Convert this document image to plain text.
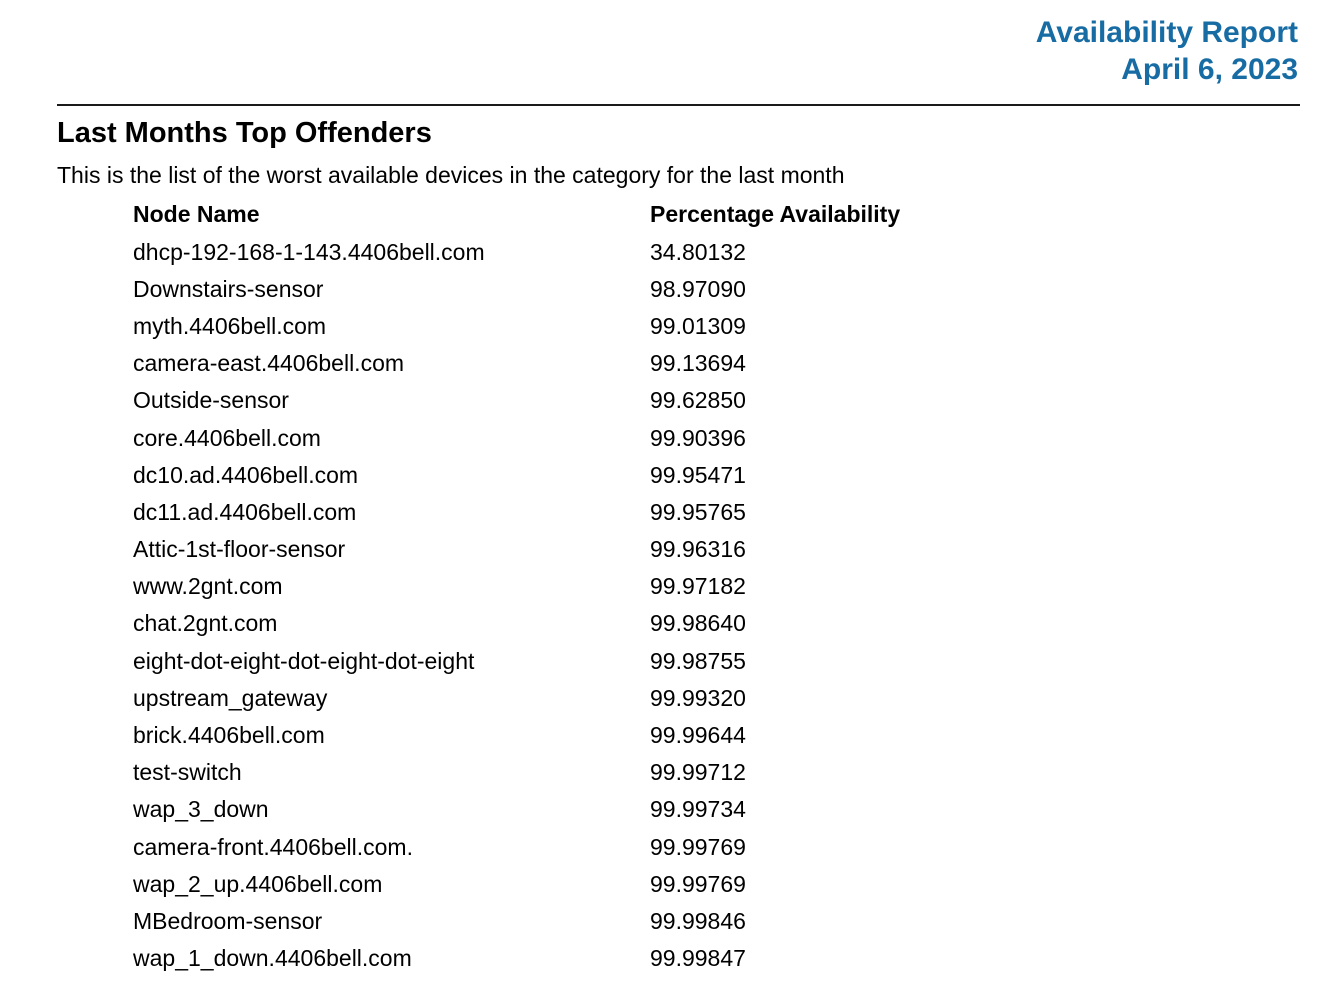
Availability Report
April 6, 2023
Last Months Top Offenders

This is the list of the worst available devices in the category for the last month

Node Name	Percentage Availability
dhcp-192-168-1-143.4406bell.com	34.80132
Downstairs-sensor	98.97090
myth.4406bell.com	99.01309
camera-east.4406bell.com	99.13694
Outside-sensor	99.62850
core.4406bell.com	99.90396
dc10.ad.4406bell.com	99.95471
dc11.ad.4406bell.com	99.95765
Attic-1st-floor-sensor	99.96316
www.2gnt.com	99.97182
chat.2gnt.com	99.98640
eight-dot-eight-dot-eight-dot-eight	99.98755
upstream_gateway	99.99320
brick.4406bell.com	99.99644
test-switch	99.99712
wap_3_down	99.99734
camera-front.4406bell.com.	99.99769
wap_2_up.4406bell.com	99.99769
MBedroom-sensor	99.99846
wap_1_down.4406bell.com	99.99847
